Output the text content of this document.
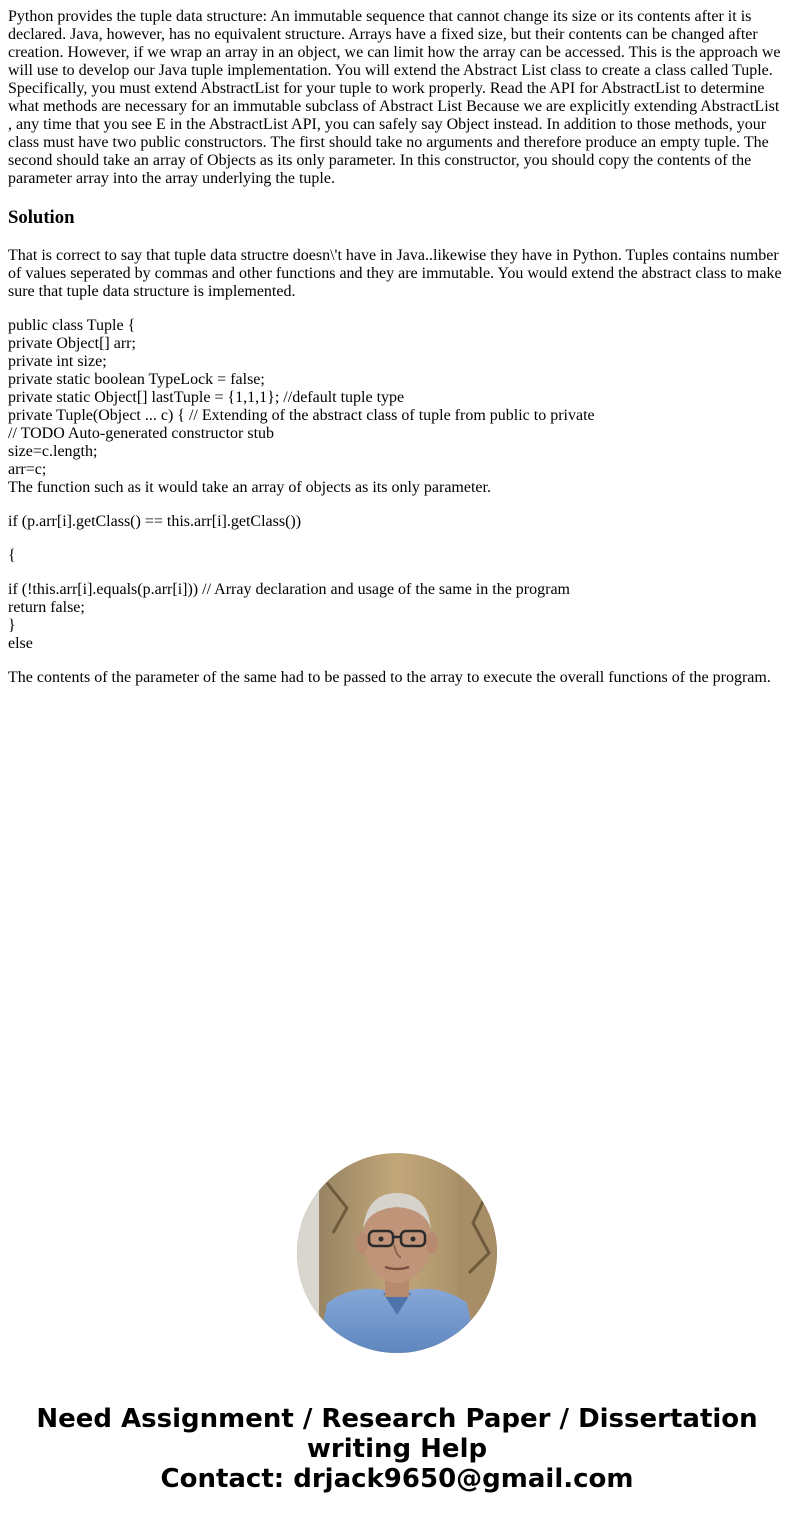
Python provides the tuple data structure: An immutable sequence that cannot change its size or its contents after it is declared. Java, however, has no equivalent structure. Arrays have a fixed size, but their contents can be changed after creation. However, if we wrap an array in an object, we can limit how the array can be accessed. This is the approach we will use to develop our Java tuple implementation. You will extend the Abstract List class to create a class called Tuple. Specifically, you must extend AbstractList for your tuple to work properly. Read the API for AbstractList to determine what methods are necessary for an immutable subclass of Abstract List Because we are explicitly extending AbstractList , any time that you see E in the AbstractList API, you can safely say Object instead. In addition to those methods, your class must have two public constructors. The first should take no arguments and therefore produce an empty tuple. The second should take an array of Objects as its only parameter. In this constructor, you should copy the contents of the parameter array into the array underlying the tuple.

Solution

That is correct to say that tuple data structre doesn\'t have in Java..likewise they have in Python. Tuples contains number of values seperated by commas and other functions and they are immutable. You would extend the abstract class to make sure that tuple data structure is implemented.

public class Tuple {
private Object[] arr;
private int size;
private static boolean TypeLock = false;
private static Object[] lastTuple = {1,1,1}; //default tuple type
private Tuple(Object ... c) { // Extending of the abstract class of tuple from public to private
// TODO Auto-generated constructor stub
size=c.length;
arr=c;
The function such as it would take an array of objects as its only parameter.

if (p.arr[i].getClass() == this.arr[i].getClass())

{

if (!this.arr[i].equals(p.arr[i])) // Array declaration and usage of the same in the program
return false;
}
else

The contents of the parameter of the same had to be passed to the array to execute the overall functions of the program.

Need Assignment / Research Paper / Dissertation
writing Help
Contact: drjack9650@gmail.com
